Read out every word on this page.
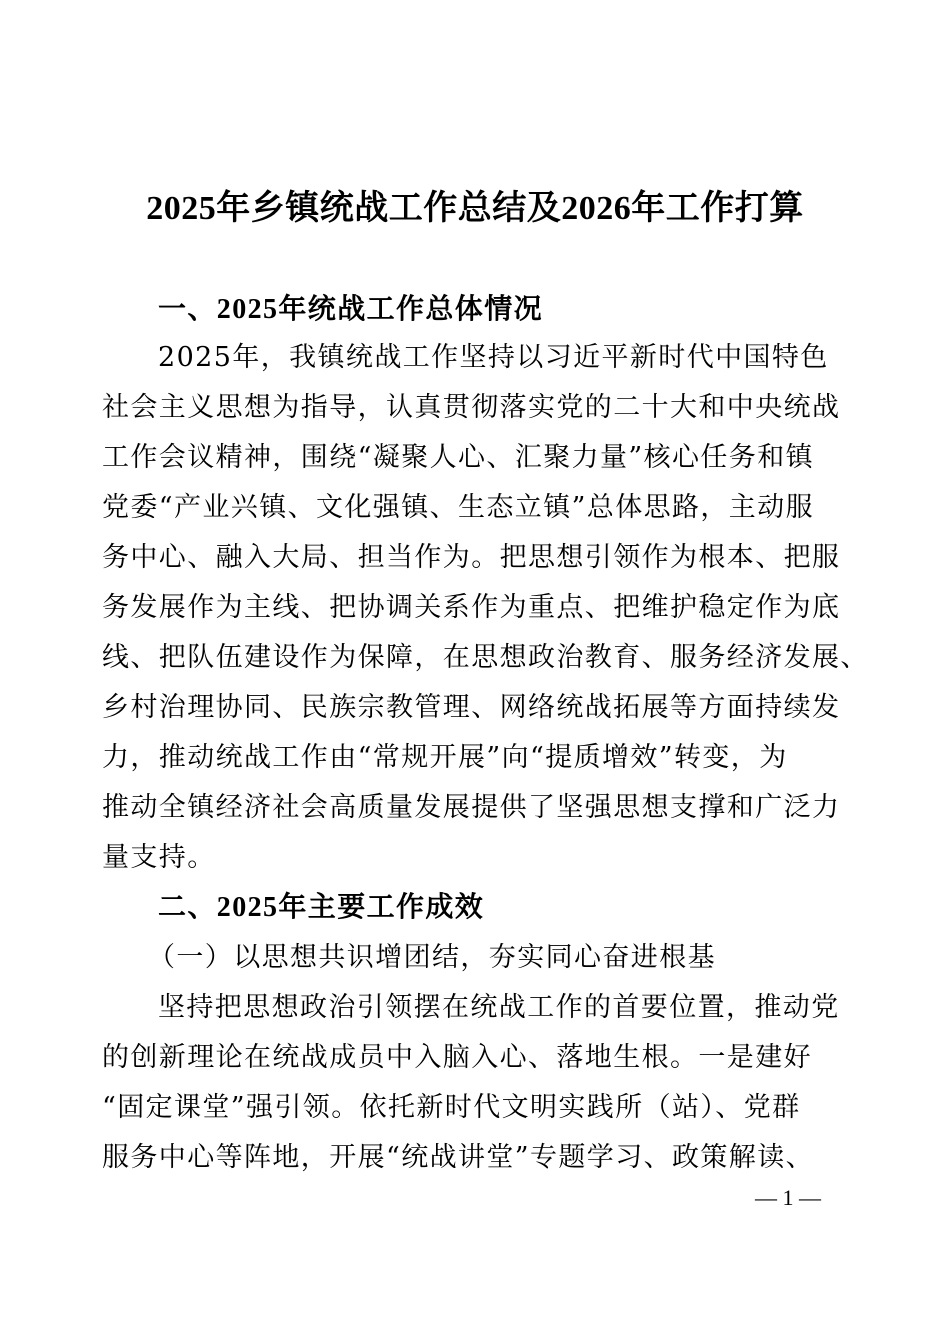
2025年乡镇统战工作总结及2026年工作打算
一、2025年统战工作总体情况
2025年，我镇统战工作坚持以习近平新时代中国特色
社会主义思想为指导，认真贯彻落实党的二十大和中央统战
工作会议精神，围绕“凝聚人心、汇聚力量”核心任务和镇
党委“产业兴镇、文化强镇、生态立镇”总体思路，主动服
务中心、融入大局、担当作为。把思想引领作为根本、把服
务发展作为主线、把协调关系作为重点、把维护稳定作为底
线、把队伍建设作为保障，在思想政治教育、服务经济发展、
乡村治理协同、民族宗教管理、网络统战拓展等方面持续发
力，推动统战工作由“常规开展”向“提质增效”转变，为
推动全镇经济社会高质量发展提供了坚强思想支撑和广泛力
量支持。
二、2025年主要工作成效
（一）以思想共识增团结，夯实同心奋进根基
坚持把思想政治引领摆在统战工作的首要位置，推动党
的创新理论在统战成员中入脑入心、落地生根。一是建好
“固定课堂”强引领。依托新时代文明实践所（站）、党群
服务中心等阵地，开展“统战讲堂”专题学习、政策解读、
— 1 —
